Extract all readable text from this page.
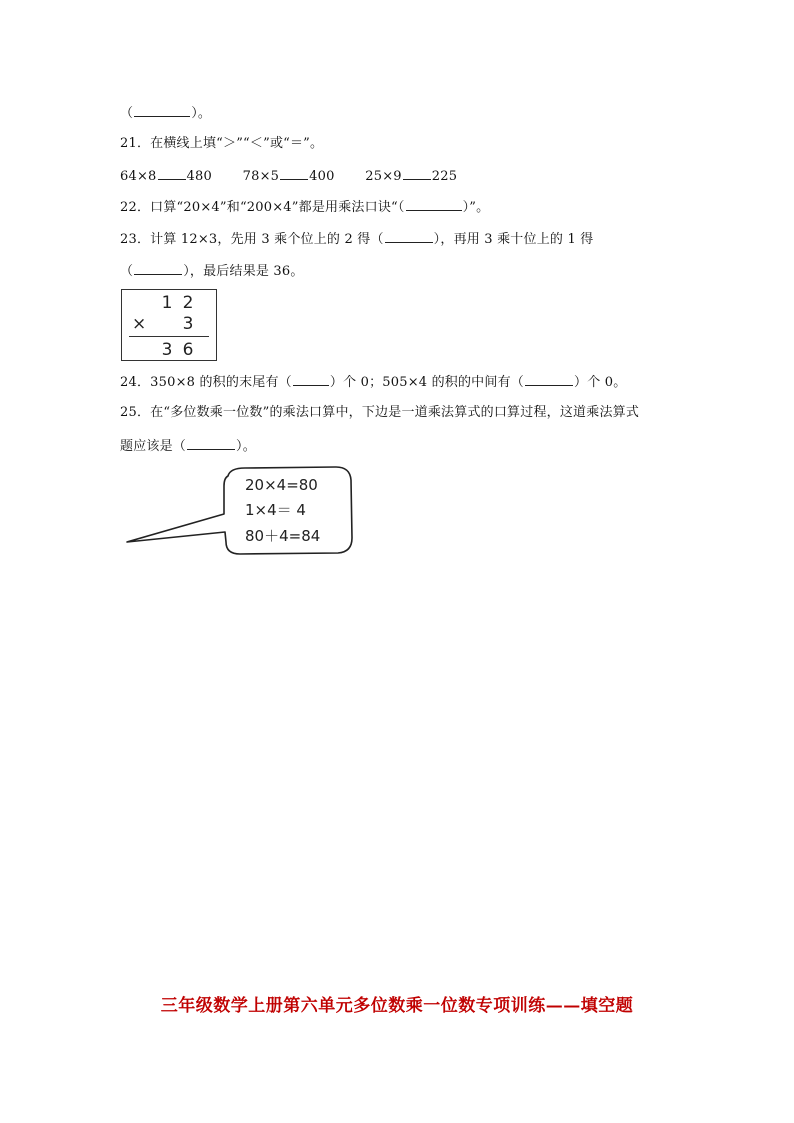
（	）。
21．在横线上填“＞”“＜”或“＝”。
64×8 480 78×5 400 25×9 225
22．口算“20×4”和“200×4”都是用乘法口诀“（	）”。
23．计算 12×3，先用 3 乘个位上的 2 得（	），再用 3 乘十位上的 1 得
（	），最后结果是 36。
1 2
× 3
3 6
24．350×8 的积的末尾有（	）个 0；505×4 的积的中间有（	）个 0。
25．在“多位数乘一位数”的乘法口算中，下边是一道乘法算式的口算过程，这道乘法算式
题应该是（	）。
20×4=80
1×4＝ 4
80＋4=84
三年级数学上册第六单元多位数乘一位数专项训练——填空题
